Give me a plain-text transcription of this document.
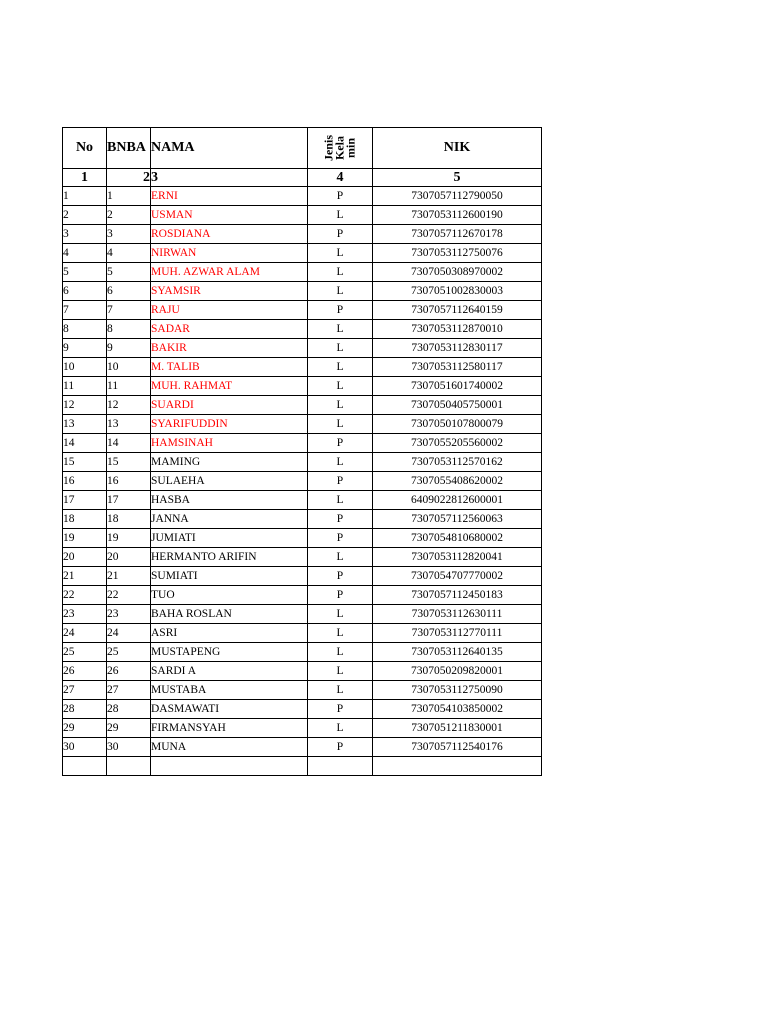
No	BNBA	NAMA	Jenis Kela min	NIK
1	2	3	4	5
1	1	ERNI	P	7307057112790050
2	2	USMAN	L	7307053112600190
3	3	ROSDIANA	P	7307057112670178
4	4	NIRWAN	L	7307053112750076
5	5	MUH. AZWAR ALAM	L	7307050308970002
6	6	SYAMSIR	L	7307051002830003
7	7	RAJU	P	7307057112640159
8	8	SADAR	L	7307053112870010
9	9	BAKIR	L	7307053112830117
10	10	M. TALIB	L	7307053112580117
11	11	MUH. RAHMAT	L	7307051601740002
12	12	SUARDI	L	7307050405750001
13	13	SYARIFUDDIN	L	7307050107800079
14	14	HAMSINAH	P	7307055205560002
15	15	MAMING	L	7307053112570162
16	16	SULAEHA	P	7307055408620002
17	17	HASBA	L	6409022812600001
18	18	JANNA	P	7307057112560063
19	19	JUMIATI	P	7307054810680002
20	20	HERMANTO ARIFIN	L	7307053112820041
21	21	SUMIATI	P	7307054707770002
22	22	TUO	P	7307057112450183
23	23	BAHA ROSLAN	L	7307053112630111
24	24	ASRI	L	7307053112770111
25	25	MUSTAPENG	L	7307053112640135
26	26	SARDI A	L	7307050209820001
27	27	MUSTABA	L	7307053112750090
28	28	DASMAWATI	P	7307054103850002
29	29	FIRMANSYAH	L	7307051211830001
30	30	MUNA	P	7307057112540176
